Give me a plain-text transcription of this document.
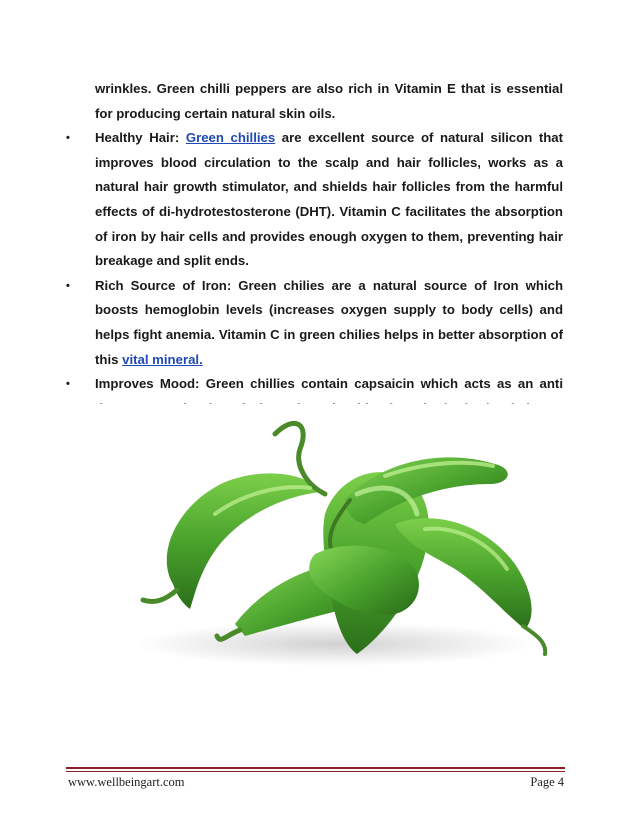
wrinkles. Green chilli peppers are also rich in Vitamin E that is essential for producing certain natural skin oils.

• Healthy Hair: Green chillies are excellent source of natural silicon that improves blood circulation to the scalp and hair follicles, works as a natural hair growth stimulator, and shields hair follicles from the harmful effects of di-hydrotestosterone (DHT). Vitamin C facilitates the absorption of iron by hair cells and provides enough oxygen to them, preventing hair breakage and split ends.

• Rich Source of Iron: Green chilies are a natural source of Iron which boosts hemoglobin levels (increases oxygen supply to body cells) and helps fight anemia. Vitamin C in green chilies helps in better absorption of this vital mineral.

• Improves Mood: Green chillies contain capsaicin which acts as an anti

www.wellbeingart.com	Page 4
